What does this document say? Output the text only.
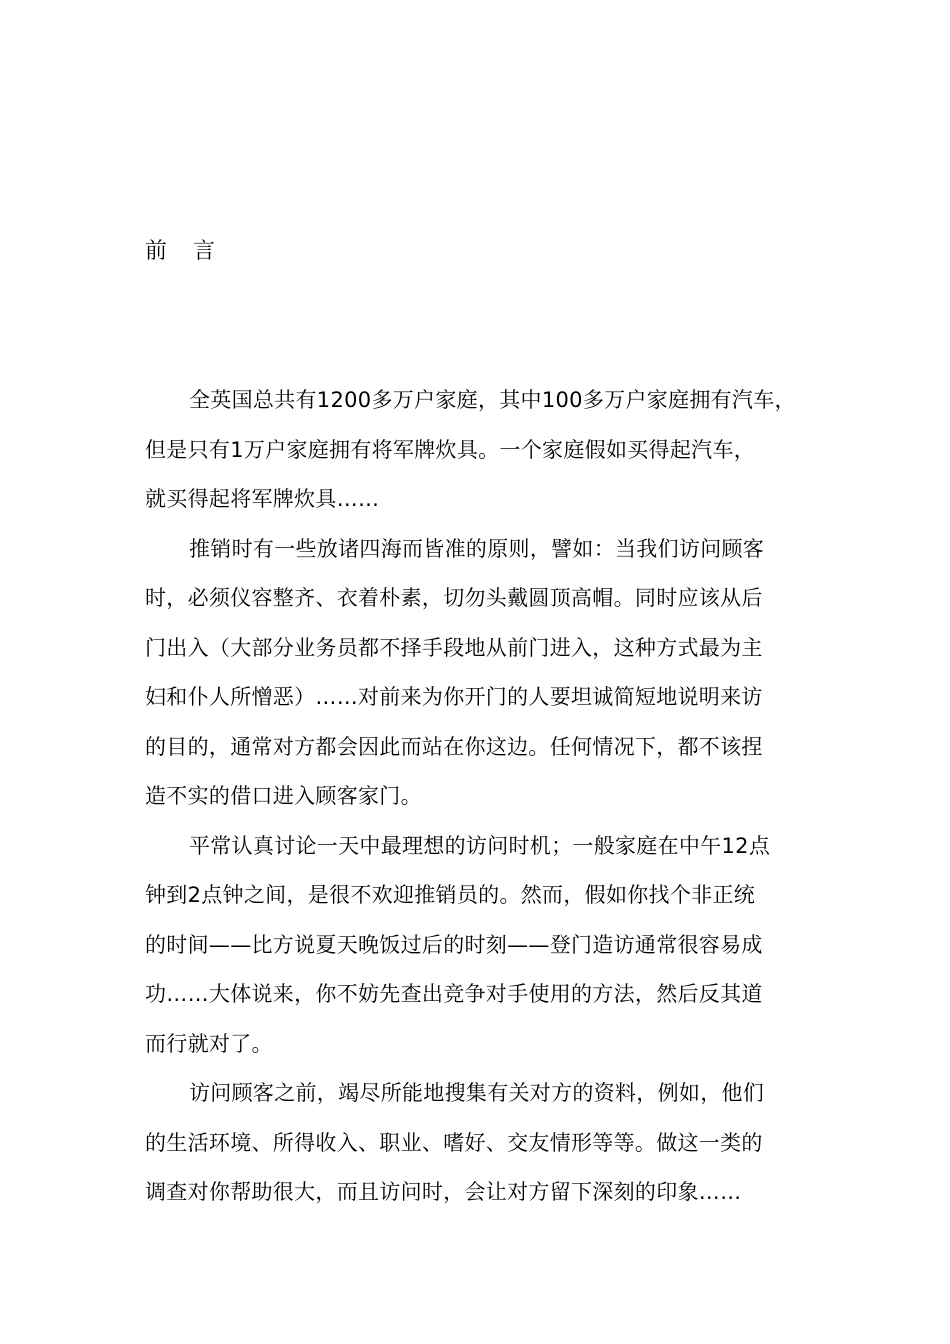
前言

全英国总共有1200多万户家庭，其中100多万户家庭拥有汽车，
但是只有1万户家庭拥有将军牌炊具。一个家庭假如买得起汽车，
就买得起将军牌炊具……

推销时有一些放诸四海而皆准的原则，譬如：当我们访问顾客
时，必须仪容整齐、衣着朴素，切勿头戴圆顶高帽。同时应该从后
门出入（大部分业务员都不择手段地从前门进入，这种方式最为主
妇和仆人所憎恶）……对前来为你开门的人要坦诚简短地说明来访
的目的，通常对方都会因此而站在你这边。任何情况下，都不该捏
造不实的借口进入顾客家门。

平常认真讨论一天中最理想的访问时机；一般家庭在中午12点
钟到2点钟之间，是很不欢迎推销员的。然而，假如你找个非正统
的时间——比方说夏天晚饭过后的时刻——登门造访通常很容易成
功……大体说来，你不妨先查出竞争对手使用的方法，然后反其道
而行就对了。

访问顾客之前，竭尽所能地搜集有关对方的资料，例如，他们
的生活环境、所得收入、职业、嗜好、交友情形等等。做这一类的
调查对你帮助很大，而且访问时，会让对方留下深刻的印象……
